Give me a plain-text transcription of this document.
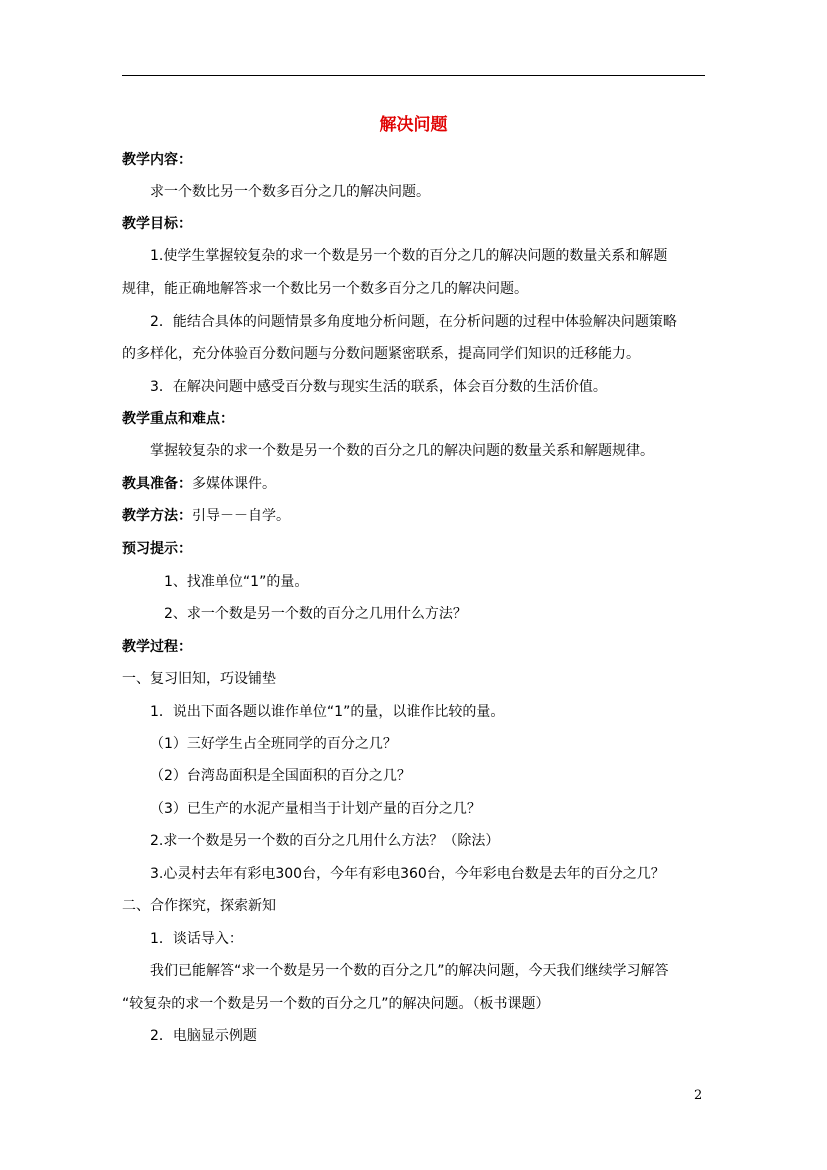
解决问题
教学内容：
求一个数比另一个数多百分之几的解决问题。
教学目标：
1.使学生掌握较复杂的求一个数是另一个数的百分之几的解决问题的数量关系和解题
规律，能正确地解答求一个数比另一个数多百分之几的解决问题。
2．能结合具体的问题情景多角度地分析问题，在分析问题的过程中体验解决问题策略
的多样化，充分体验百分数问题与分数问题紧密联系，提高同学们知识的迁移能力。
3．在解决问题中感受百分数与现实生活的联系，体会百分数的生活价值。
教学重点和难点：
掌握较复杂的求一个数是另一个数的百分之几的解决问题的数量关系和解题规律。
教具准备：多媒体课件。
教学方法：引导－－自学。
预习提示：
1、找准单位“1”的量。
2、求一个数是另一个数的百分之几用什么方法？
教学过程：
一、复习旧知，巧设铺垫
1．说出下面各题以谁作单位“1”的量，以谁作比较的量。
（1）三好学生占全班同学的百分之几？
（2）台湾岛面积是全国面积的百分之几？
（3）已生产的水泥产量相当于计划产量的百分之几？
2.求一个数是另一个数的百分之几用什么方法？（除法）
3.心灵村去年有彩电300台，今年有彩电360台，今年彩电台数是去年的百分之几？
二、合作探究，探索新知
1．谈话导入：
我们已能解答“求一个数是另一个数的百分之几”的解决问题，今天我们继续学习解答
“较复杂的求一个数是另一个数的百分之几”的解决问题。（板书课题）
2．电脑显示例题
2
